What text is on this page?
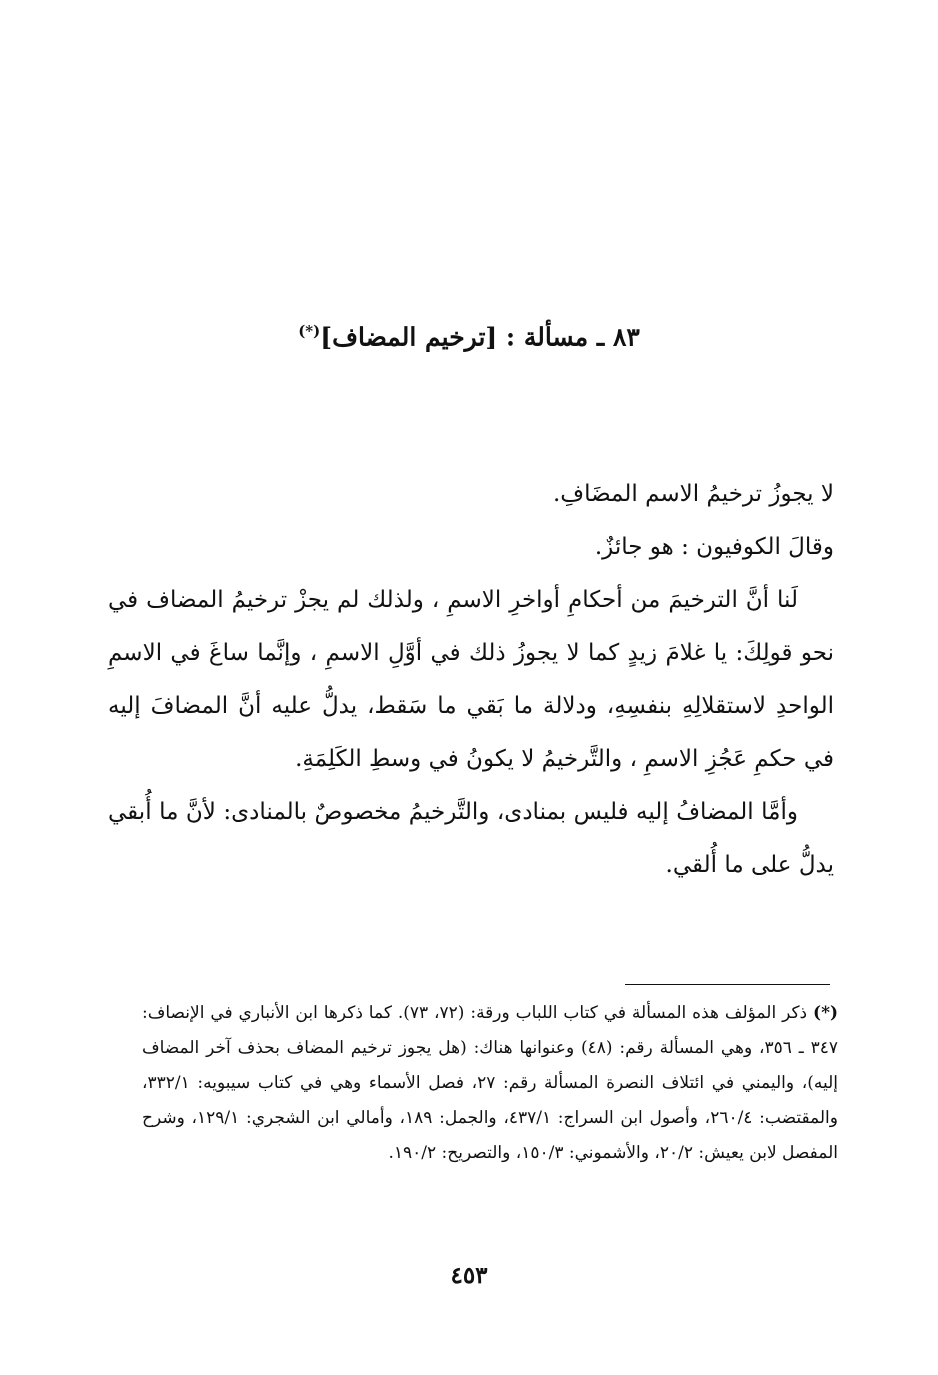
٨٣ ـ مسألة : [ترخيم المضاف](*)

لا يجوزُ ترخيمُ الاسم المضَافِ.

وقالَ الكوفيون : هو جائزٌ.

لَنا أنَّ الترخيمَ من أحكامِ أواخرِ الاسمِ ، ولذلك لم يجزْ ترخيمُ المضاف في نحو قولِكَ: يا غلامَ زيدٍ كما لا يجوزُ ذلك في أوَّلِ الاسمِ ، وإنَّما ساغَ في الاسمِ الواحدِ لاستقلالِهِ بنفسِهِ، ودلالة ما بَقي ما سَقط، يدلُّ عليه أنَّ المضافَ إليه في حكمِ عَجُزِ الاسمِ ، والتَّرخيمُ لا يكونُ في وسطِ الكَلِمَةِ.

وأمَّا المضافُ إليه فليس بمنادى، والتَّرخيمُ مخصوصٌ بالمنادى: لأنَّ ما أُبقي يدلُّ على ما أُلقي.

(*) ذكر المؤلف هذه المسألة في كتاب اللباب ورقة: (٧٢، ٧٣). كما ذكرها ابن الأنباري في الإنصاف: ٣٤٧ ـ ٣٥٦، وهي المسألة رقم: (٤٨) وعنوانها هناك: (هل يجوز ترخيم المضاف بحذف آخر المضاف إليه)، واليمني في ائتلاف النصرة المسألة رقم: ٢٧، فصل الأسماء وهي في كتاب سيبويه: ٣٣٢/١، والمقتضب: ٢٦٠/٤، وأصول ابن السراج: ٤٣٧/١، والجمل: ١٨٩، وأمالي ابن الشجري: ١٢٩/١، وشرح المفصل لابن يعيش: ٢٠/٢، والأشموني: ١٥٠/٣، والتصريح: ١٩٠/٢.
٤٥٣
